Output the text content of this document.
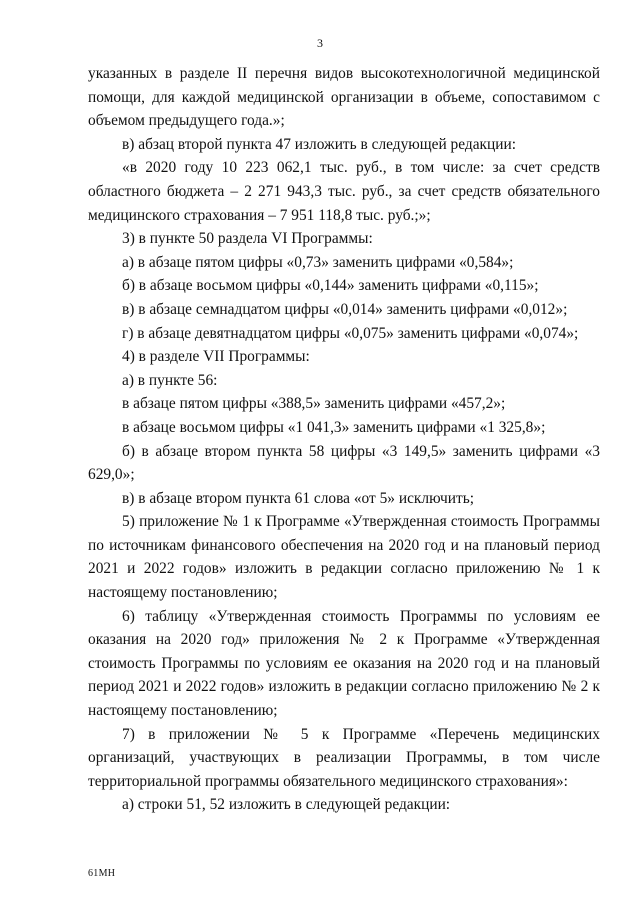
3

указанных в разделе II перечня видов высокотехнологичной медицинской помощи, для каждой медицинской организации в объеме, сопоставимом с объемом предыдущего года.»;

в) абзац второй пункта 47 изложить в следующей редакции:

«в 2020 году 10 223 062,1 тыс. руб., в том числе: за счет средств областного бюджета – 2 271 943,3 тыс. руб., за счет средств обязательного медицинского страхования – 7 951 118,8 тыс. руб.;»;

3) в пункте 50 раздела VI Программы:

а) в абзаце пятом цифры «0,73» заменить цифрами «0,584»;

б) в абзаце восьмом цифры «0,144» заменить цифрами «0,115»;

в) в абзаце семнадцатом цифры «0,014» заменить цифрами «0,012»;

г) в абзаце девятнадцатом цифры «0,075» заменить цифрами «0,074»;

4) в разделе VII Программы:

а) в пункте 56:

в абзаце пятом цифры «388,5» заменить цифрами «457,2»;

в абзаце восьмом цифры «1 041,3» заменить цифрами «1 325,8»;

б) в абзаце втором пункта 58 цифры «3 149,5» заменить цифрами «3 629,0»;

в) в абзаце втором пункта 61 слова «от 5» исключить;

5) приложение № 1 к Программе «Утвержденная стоимость Программы по источникам финансового обеспечения на 2020 год и на плановый период 2021 и 2022 годов» изложить в редакции согласно приложению № 1 к настоящему постановлению;

6) таблицу «Утвержденная стоимость Программы по условиям ее оказания на 2020 год» приложения № 2 к Программе «Утвержденная стоимость Программы по условиям ее оказания на 2020 год и на плановый период 2021 и 2022 годов» изложить в редакции согласно приложению № 2 к настоящему постановлению;

7) в приложении № 5 к Программе «Перечень медицинских организаций, участвующих в реализации Программы, в том числе территориальной программы обязательного медицинского страхования»:

а) строки 51, 52 изложить в следующей редакции:

61МН
